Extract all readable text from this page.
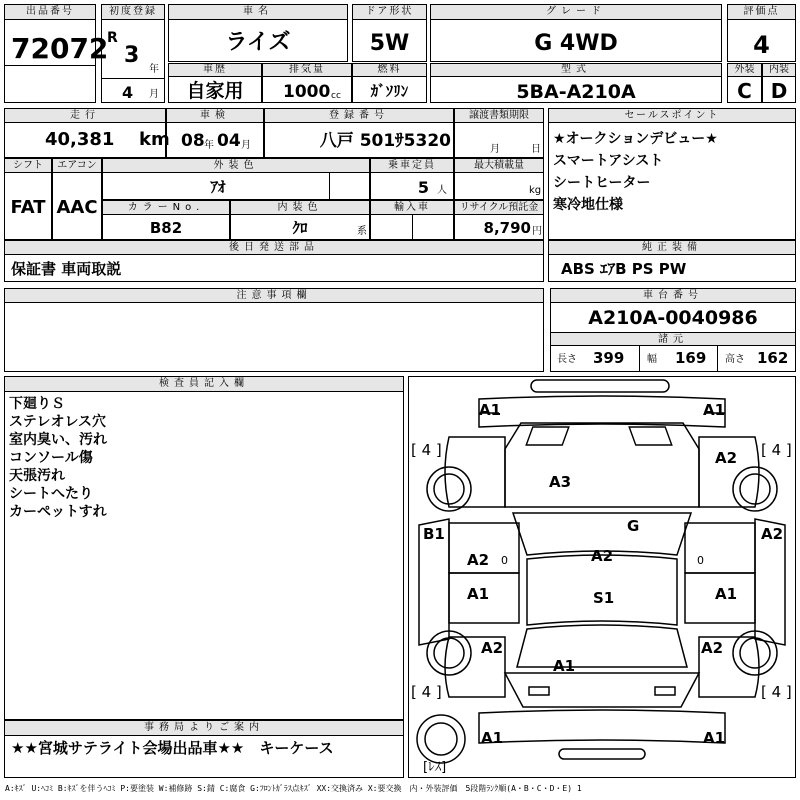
出品番号
72072
初度登録
R
3
年
4 月
車名
ライズ
ドア形状
5W
グレード
G 4WD
評価点
4
車歴
自家用
排気量
1000 cc
燃料
ｶﾞｿﾘﾝ
型式
5BA-A210A
外装
C
内装
D
走行
40,381 km
車検
08 年 04 月
登録番号
八戸 501ｻ5320
譲渡書類期限
月	日
セールスポイント
★オークションデビュー★
スマートアシスト
シートヒーター
寒冷地仕様
シフト
FAT
エアコン
AAC
外装色
ｱｵ
乗車定員
5 人
最大積載量
kg
カラーNo.
B82
内装色
ｸﾛ	系
輸入車	リサイクル預託金
8,790 円
後日発送部品
保証書 車両取説
純正装備
ABS ｴｱB PS PW
注意事項欄	車台番号
A210A-0040986
諸元
長さ 399 幅 169 高さ 162
検査員記入欄
下廻りＳ
ステレオレス穴
室内臭い、汚れ
コンソール傷
天張汚れ
シートへたり
カーペットすれ
事務局よりご案内
★★宮城サテライト会場出品車★★　キーケース
A1	A1
[ 4 ]	[ 4 ]
A2
A3
G
B1	A2
A2 0	A2	0
A1	S1	A1
A2	A2
A1
[ 4 ]	[ 4 ]
A1	A1
[ﾚｽ]
A:ｷｽﾞ U:ﾍｺﾐ B:ｷｽﾞを伴うﾍｺﾐ P:要塗装 W:補修跡 S:錆 C:腐食 G:ﾌﾛﾝﾄｶﾞﾗｽ点ｷｽﾞ XX:交換済み X:要交換　内・外装評価　5段階ﾗﾝｸ順(A・B・C・D・E) 1
